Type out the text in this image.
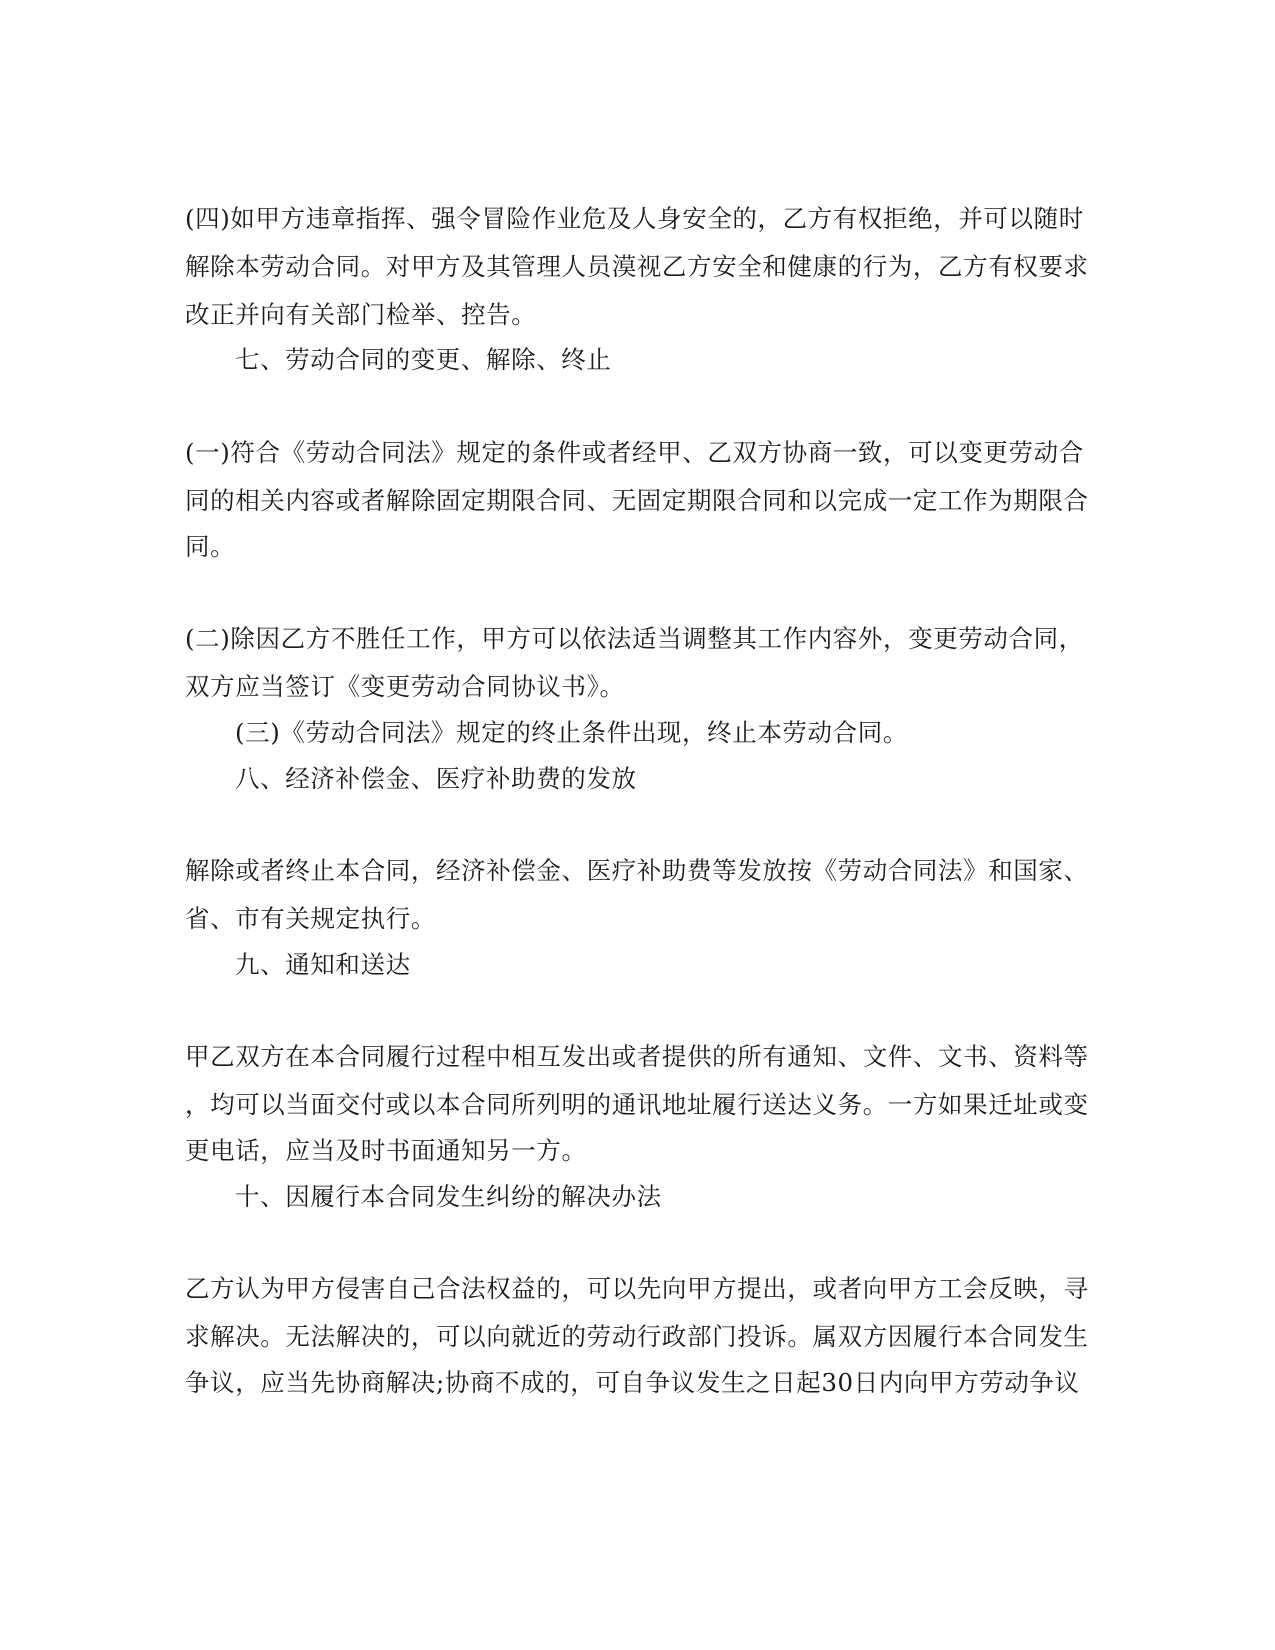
(四)如甲方违章指挥、强令冒险作业危及人身安全的，乙方有权拒绝，并可以随时
解除本劳动合同。对甲方及其管理人员漠视乙方安全和健康的行为，乙方有权要求
改正并向有关部门检举、控告。
七、劳动合同的变更、解除、终止
(一)符合《劳动合同法》规定的条件或者经甲、乙双方协商一致，可以变更劳动合
同的相关内容或者解除固定期限合同、无固定期限合同和以完成一定工作为期限合
同。
(二)除因乙方不胜任工作，甲方可以依法适当调整其工作内容外，变更劳动合同，
双方应当签订《变更劳动合同协议书》。
(三)《劳动合同法》规定的终止条件出现，终止本劳动合同。
八、经济补偿金、医疗补助费的发放
解除或者终止本合同，经济补偿金、医疗补助费等发放按《劳动合同法》和国家、
省、市有关规定执行。
九、通知和送达
甲乙双方在本合同履行过程中相互发出或者提供的所有通知、文件、文书、资料等
，均可以当面交付或以本合同所列明的通讯地址履行送达义务。一方如果迁址或变
更电话，应当及时书面通知另一方。
十、因履行本合同发生纠纷的解决办法
乙方认为甲方侵害自己合法权益的，可以先向甲方提出，或者向甲方工会反映，寻
求解决。无法解决的，可以向就近的劳动行政部门投诉。属双方因履行本合同发生
争议，应当先协商解决;协商不成的，可自争议发生之日起30日内向甲方劳动争议
